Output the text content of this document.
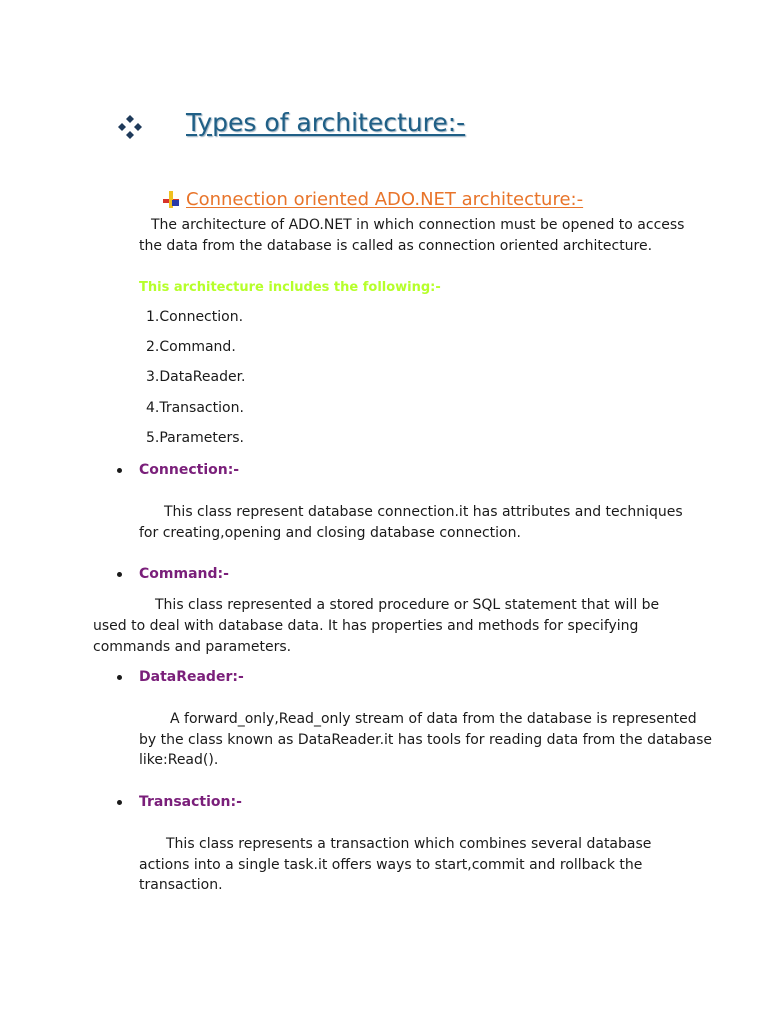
Types of architecture:-
Connection oriented ADO.NET architecture:-
The architecture of ADO.NET in which connection must be opened to access
the data from the database is called as connection oriented architecture.
This architecture includes the following:-
1.Connection.
2.Command.
3.DataReader.
4.Transaction.
5.Parameters.
Connection:-
This class represent database connection.it has attributes and techniques
for creating,opening and closing database connection.
Command:-
This class represented a stored procedure or SQL statement that will be
used to deal with database data. It has properties and methods for specifying
commands and parameters.
DataReader:-
A forward_only,Read_only stream of data from the database is represented
by the class known as DataReader.it has tools for reading data from the database
like:Read().
Transaction:-
This class represents a transaction which combines several database
actions into a single task.it offers ways to start,commit and rollback the
transaction.
